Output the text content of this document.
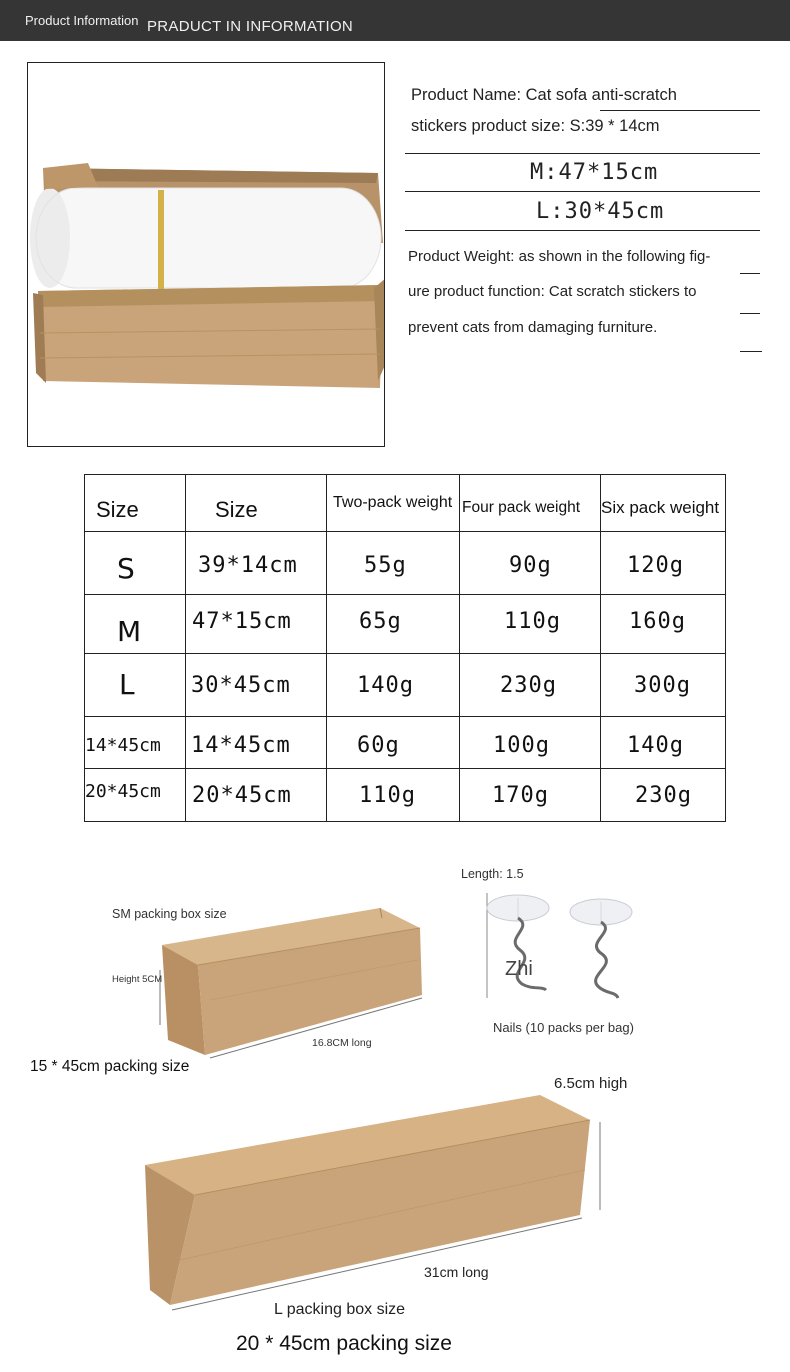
Product Information PRADUCT IN INFORMATION
Product Name: Cat sofa anti-scratch
stickers product size: S:39 * 14cm
M:47*15cm
L:30*45cm
Product Weight: as shown in the following fig-
ure product function: Cat scratch stickers to
prevent cats from damaging furniture.
Size	Size	Two-pack weight	Four pack weight	Six pack weight
S	39*14cm	55g	90g	120g
M	47*15cm	65g	110g	160g
L	30*45cm	140g	230g	300g
14*45cm	14*45cm	60g	100g	140g
20*45cm	20*45cm	110g	170g	230g
SM packing box size
Height 5CM
16.8CM long
15 * 45cm packing size
Length: 1.5
Zhi
Nails (10 packs per bag)
6.5cm high
31cm long
L packing box size
20 * 45cm packing size
